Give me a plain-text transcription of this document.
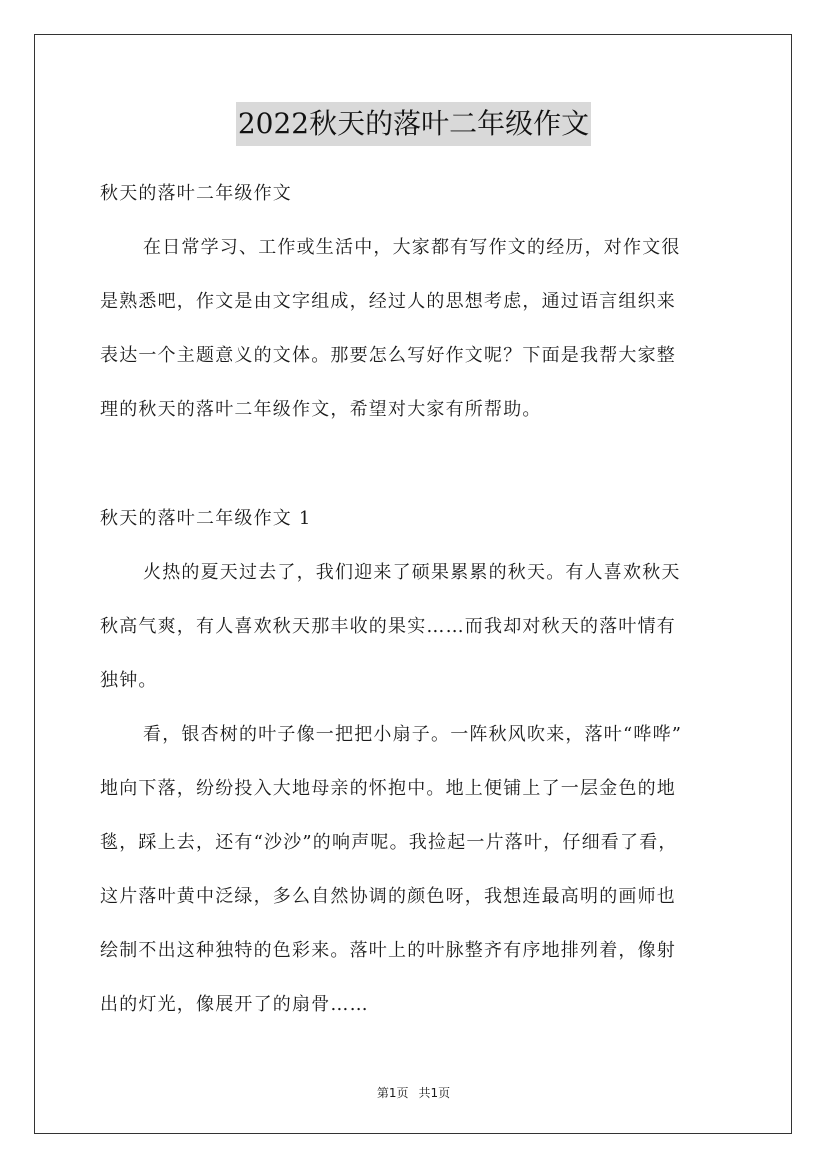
2022秋天的落叶二年级作文
秋天的落叶二年级作文
在日常学习、工作或生活中，大家都有写作文的经历，对作文很
是熟悉吧，作文是由文字组成，经过人的思想考虑，通过语言组织来
表达一个主题意义的文体。那要怎么写好作文呢？下面是我帮大家整
理的秋天的落叶二年级作文，希望对大家有所帮助。
秋天的落叶二年级作文 1
火热的夏天过去了，我们迎来了硕果累累的秋天。有人喜欢秋天
秋高气爽，有人喜欢秋天那丰收的果实……而我却对秋天的落叶情有
独钟。
看，银杏树的叶子像一把把小扇子。一阵秋风吹来，落叶“哗哗”
地向下落，纷纷投入大地母亲的怀抱中。地上便铺上了一层金色的地
毯，踩上去，还有“沙沙”的响声呢。我捡起一片落叶，仔细看了看，
这片落叶黄中泛绿，多么自然协调的颜色呀，我想连最高明的画师也
绘制不出这种独特的色彩来。落叶上的叶脉整齐有序地排列着，像射
出的灯光，像展开了的扇骨……
第1页 共1页
